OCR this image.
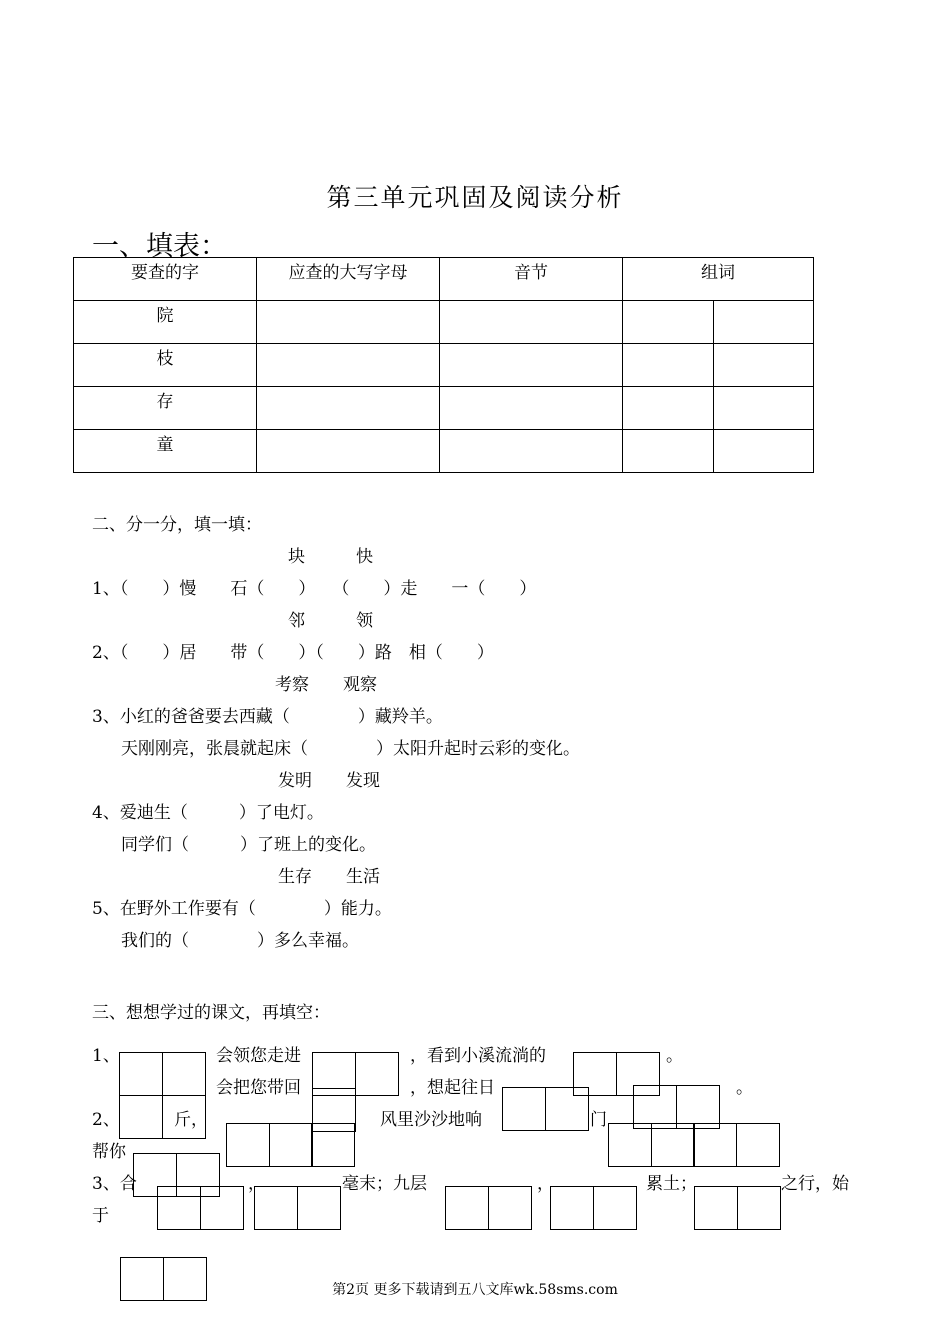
第三单元巩固及阅读分析
一、填表：
要查的字	应查的大写字母	音节	组词	
院				
枝				
存				
童				
二、分一分，填一填：
块　　　快
1、（　　）慢　　石（　　）　　（　　）走　　一（　　）
邻　　　领
2、（　　）居　　带（　　）（　　）路　相（　　）
考察　　观察
3、小红的爸爸要去西藏（　　　　）藏羚羊。
天刚刚亮，张晨就起床（　　　　）太阳升起时云彩的变化。
发明　　发现
4、爱迪生（　　　）了电灯。
同学们（　　　）了班上的变化。
生存　　生活
5、在野外工作要有（　　　　）能力。
我们的（　　　　）多么幸福。
三、想想学过的课文，再填空：
1、	会领您走进	，看到小溪流淌的	。
会把您带回	，想起往日	。
2、	斤，	风里沙沙地响	门
帮你
3、合	，	毫末；九层	，	累土；	之行，始
于
第2页 更多下载请到五八文库wk.58sms.com
